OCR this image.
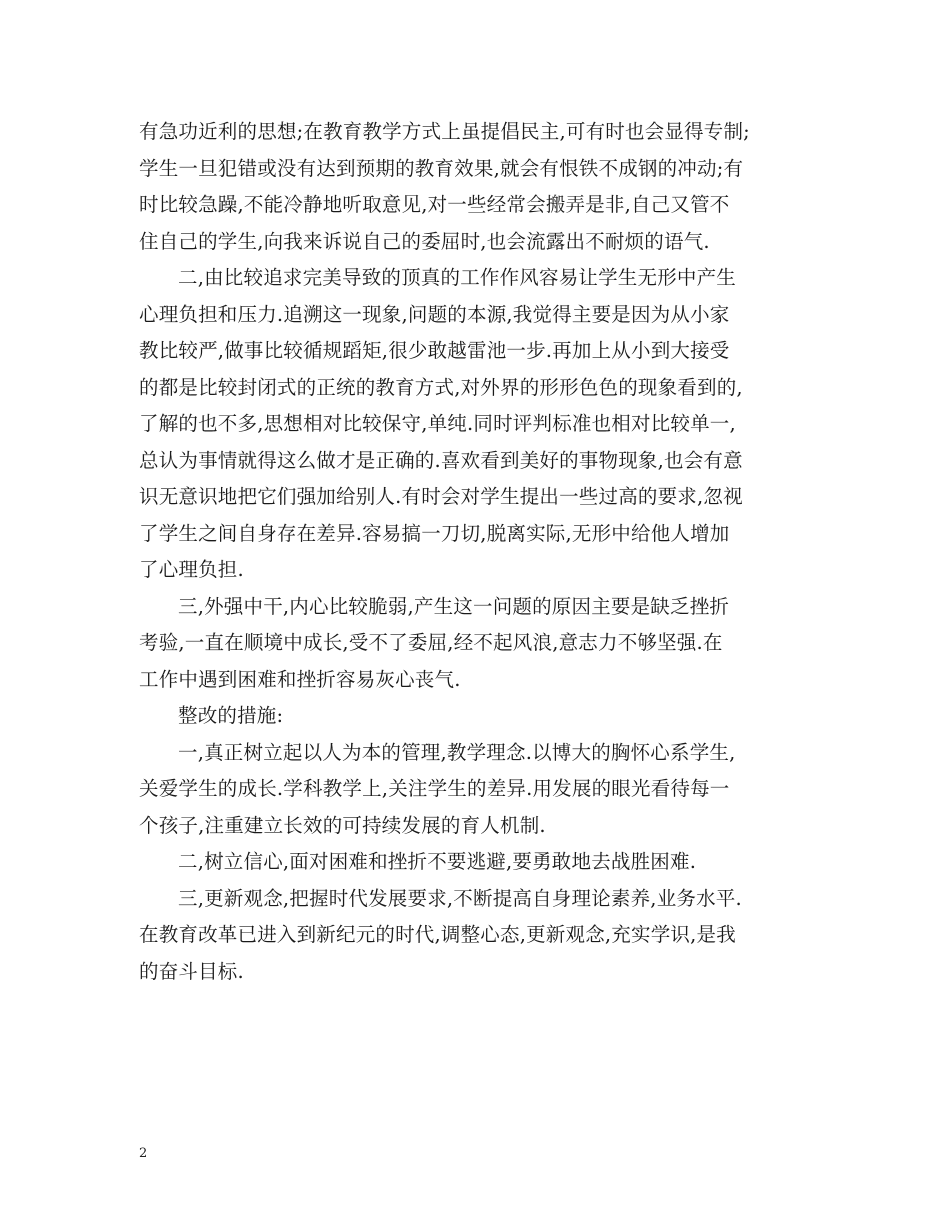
有急功近利的思想;在教育教学方式上虽提倡民主,可有时也会显得专制;
学生一旦犯错或没有达到预期的教育效果,就会有恨铁不成钢的冲动;有
时比较急躁,不能冷静地听取意见,对一些经常会搬弄是非,自己又管不
住自己的学生,向我来诉说自己的委屈时,也会流露出不耐烦的语气.
二,由比较追求完美导致的顶真的工作作风容易让学生无形中产生
心理负担和压力.追溯这一现象,问题的本源,我觉得主要是因为从小家
教比较严,做事比较循规蹈矩,很少敢越雷池一步.再加上从小到大接受
的都是比较封闭式的正统的教育方式,对外界的形形色色的现象看到的,
了解的也不多,思想相对比较保守,单纯.同时评判标准也相对比较单一,
总认为事情就得这么做才是正确的.喜欢看到美好的事物现象,也会有意
识无意识地把它们强加给别人.有时会对学生提出一些过高的要求,忽视
了学生之间自身存在差异.容易搞一刀切,脱离实际,无形中给他人增加
了心理负担.
三,外强中干,内心比较脆弱,产生这一问题的原因主要是缺乏挫折
考验,一直在顺境中成长,受不了委屈,经不起风浪,意志力不够坚强.在
工作中遇到困难和挫折容易灰心丧气.
整改的措施:
一,真正树立起以人为本的管理,教学理念.以博大的胸怀心系学生,
关爱学生的成长.学科教学上,关注学生的差异.用发展的眼光看待每一
个孩子,注重建立长效的可持续发展的育人机制.
二,树立信心,面对困难和挫折不要逃避,要勇敢地去战胜困难.
三,更新观念,把握时代发展要求,不断提高自身理论素养,业务水平.
在教育改革已进入到新纪元的时代,调整心态,更新观念,充实学识,是我
的奋斗目标.
2
